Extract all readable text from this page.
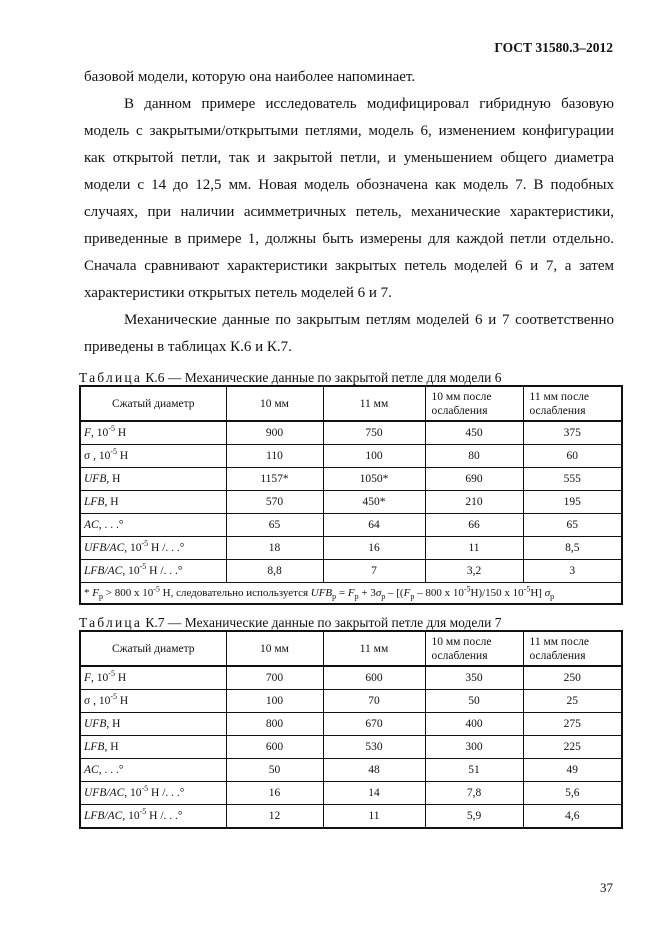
ГОСТ 31580.3–2012

базовой модели, которую она наиболее напоминает.

В данном примере исследователь модифицировал гибридную базовую модель с закрытыми/открытыми петлями, модель 6, изменением конфигурации как открытой петли, так и закрытой петли, и уменьшением общего диаметра модели с 14 до 12,5 мм. Новая модель обозначена как модель 7. В подобных случаях, при наличии асимметричных петель, механические характеристики, приведенные в примере 1, должны быть измерены для каждой петли отдельно. Сначала сравнивают характеристики закрытых петель моделей 6 и 7, а затем характеристики открытых петель моделей 6 и 7.

Механические данные по закрытым петлям моделей 6 и 7 соответственно приведены в таблицах К.6 и К.7.

Таблица К.6 — Механические данные по закрытой петле для модели 6
Сжатый диаметр	10 мм	11 мм	10 мм после ослабления	11 мм после ослабления
F, $10^{-5}$ Н	900	750	450	375
σ , $10^{-5}$ Н	110	100	80	60
UFB, Н	1157*	1050*	690	555
LFB, Н	570	450*	210	195
AC, . . .°	65	64	66	65
UFB/AC, $10^{-5}$ Н /. . .°	18	16	11	8,5
LFB/AC, $10^{-5}$ Н /. . .°	8,8	7	3,2	3
* $F_p > 800$ x $10^{-5}$ Н, следовательно используется $UFB_p = F_p + 3\sigma_p - [(F_p - 800$ x $10^{-5}Н)/150$ x $10^{-5}Н$] $\sigma_p$
Таблица К.7 — Механические данные по закрытой петле для модели 7
Сжатый диаметр	10 мм	11 мм	10 мм после ослабления	11 мм после ослабления
F, $10^{-5}$ Н	700	600	350	250
σ , $10^{-5}$ Н	100	70	50	25
UFB, Н	800	670	400	275
LFB, Н	600	530	300	225
AC, . . .°	50	48	51	49
UFB/AC, $10^{-5}$ Н /. . .°	16	14	7,8	5,6
LFB/AC, $10^{-5}$ Н /. . .°	12	11	5,9	4,6
37
